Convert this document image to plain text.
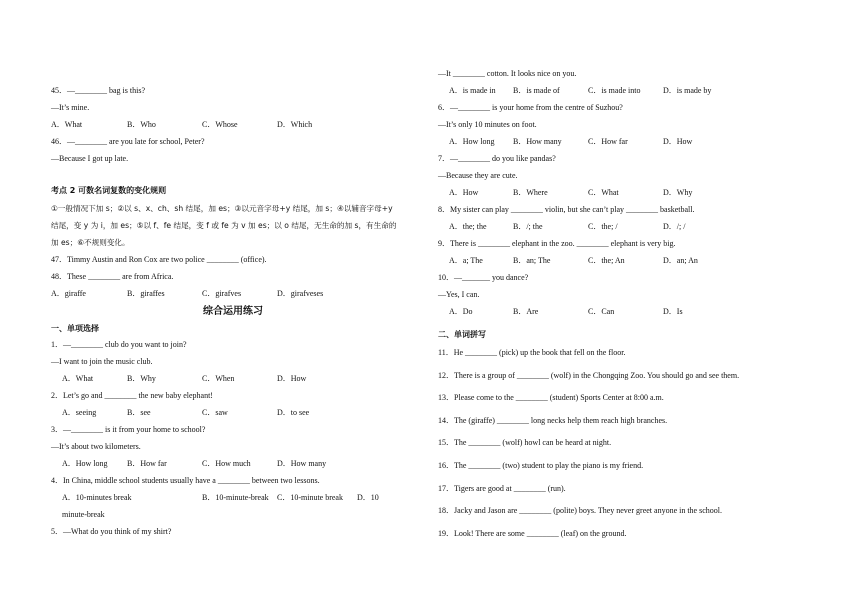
45．—________ bag is this?
—It’s mine.
A．What	B．Who	C．Whose	D．Which
46．—________ are you late for school, Peter?
—Because I got up late.
考点 2 可数名词复数的变化规则
①一般情况下加 s；②以 s、x、ch、sh 结尾，加 es；③以元音字母+y 结尾，加 s；④以辅音字母+y
结尾，变 y 为 i，加 es；⑤以 f、fe 结尾，变 f 或 fe 为 v 加 es；以 o 结尾，无生命的加 s，有生命的
加 es；⑥不规则变化。
47．Timmy Austin and Ron Cox are two police ________ (office).
48．These ________ are from Africa.
A．giraffe	B．giraffes	C．girafves	D．girafveses
综合运用练习
一、单项选择
1．—________ club do you want to join?
—I want to join the music club.
A．What	B．Why	C．When	D．How
2．Let’s go and ________ the new baby elephant!
A．seeing	B．see	C．saw	D．to see
3．—________ is it from your home to school?
—It’s about two kilometers.
A．How long B．How far	C．How much	D．How many
4．In China, middle school students usually have a ________ between two lessons.
A．10-minutes break	B．10-minute-break C．10-minute break D．10
minute-break
5．—What do you think of my shirt?
—It ________ cotton. It looks nice on you.
A．is made in B．is made of	C．is made into	D．is made by
6．—________ is your home from the centre of Suzhou?
—It’s only 10 minutes on foot.
A．How long B．How many	C．How far	D．How
7．—________ do you like pandas?
—Because they are cute.
A．How	B．Where	C．What	D．Why
8．My sister can play ________ violin, but she can’t play ________ basketball.
A．the; the	B．/; the	C．the; /	D．/; /
9．There is ________ elephant in the zoo. ________ elephant is very big.
A．a; The	B．an; The	C．the; An	D．an; An
10．—_______ you dance?
—Yes, I can.
A．Do	B．Are	C．Can	D．Is
二、单词拼写
11．He ________ (pick) up the book that fell on the floor.
12．There is a group of ________ (wolf) in the Chongqing Zoo. You should go and see them.
13．Please come to the ________ (student) Sports Center at 8:00 a.m.
14．The (giraffe) ________ long necks help them reach high branches.
15．The ________ (wolf) howl can be heard at night.
16．The ________ (two) student to play the piano is my friend.
17．Tigers are good at ________ (run).
18．Jacky and Jason are ________ (polite) boys. They never greet anyone in the school.
19．Look! There are some ________ (leaf) on the ground.
